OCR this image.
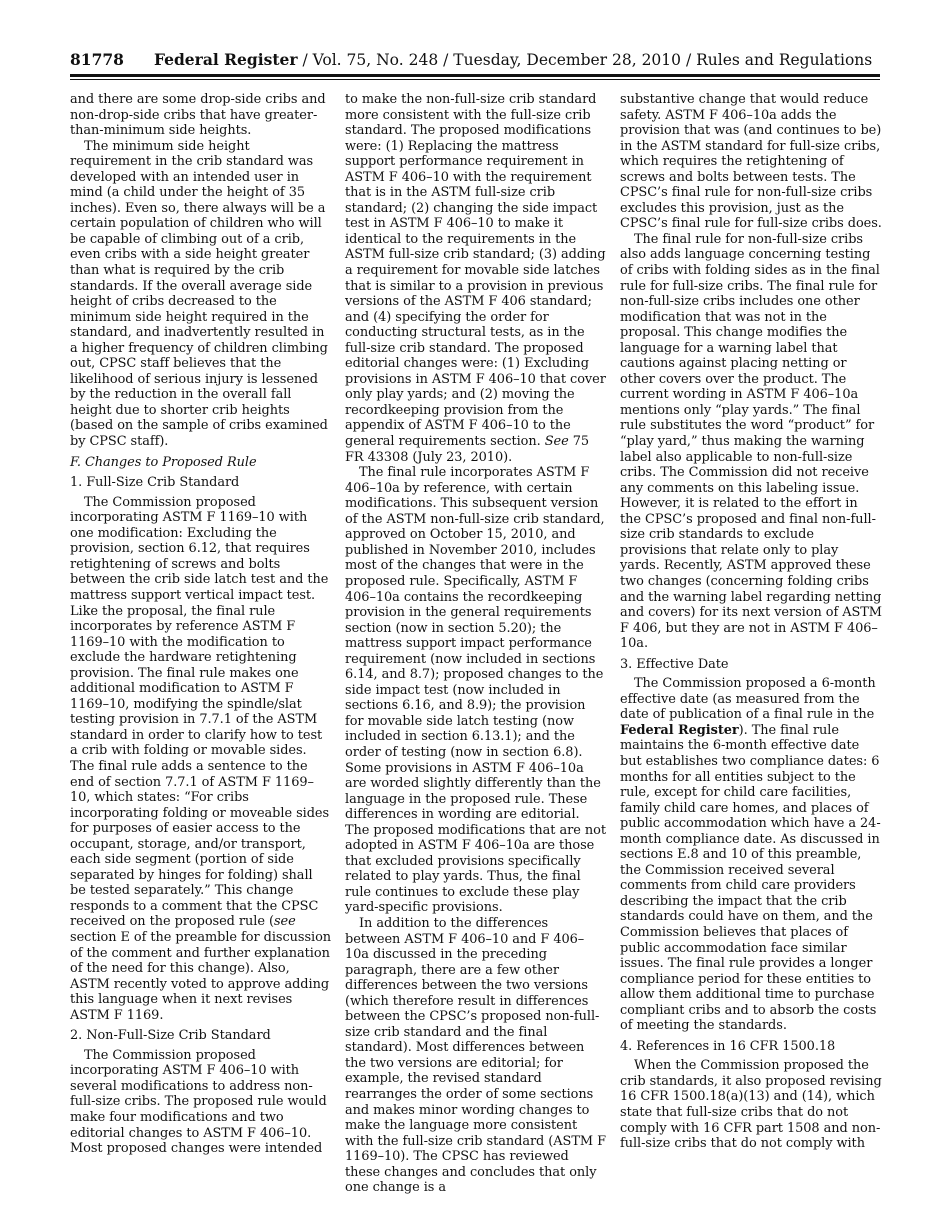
81778 Federal Register / Vol. 75, No. 248 / Tuesday, December 28, 2010 / Rules and Regulations

and there are some drop-side cribs and non-drop-side cribs that have greater-than-minimum side heights.

The minimum side height requirement in the crib standard was developed with an intended user in mind (a child under the height of 35 inches). Even so, there always will be a certain population of children who will be capable of climbing out of a crib, even cribs with a side height greater than what is required by the crib standards. If the overall average side height of cribs decreased to the minimum side height required in the standard, and inadvertently resulted in a higher frequency of children climbing out, CPSC staff believes that the likelihood of serious injury is lessened by the reduction in the overall fall height due to shorter crib heights (based on the sample of cribs examined by CPSC staff).

F. Changes to Proposed Rule
1. Full-Size Crib Standard

The Commission proposed incorporating ASTM F 1169–10 with one modification: Excluding the provision, section 6.12, that requires retightening of screws and bolts between the crib side latch test and the mattress support vertical impact test. Like the proposal, the final rule incorporates by reference ASTM F 1169–10 with the modification to exclude the hardware retightening provision. The final rule makes one additional modification to ASTM F 1169–10, modifying the spindle/slat testing provision in 7.7.1 of the ASTM standard in order to clarify how to test a crib with folding or movable sides. The final rule adds a sentence to the end of section 7.7.1 of ASTM F 1169–10, which states: “For cribs incorporating folding or moveable sides for purposes of easier access to the occupant, storage, and/or transport, each side segment (portion of side separated by hinges for folding) shall be tested separately.” This change responds to a comment that the CPSC received on the proposed rule (see section E of the preamble for discussion of the comment and further explanation of the need for this change). Also, ASTM recently voted to approve adding this language when it next revises ASTM F 1169.

2. Non-Full-Size Crib Standard

The Commission proposed incorporating ASTM F 406–10 with several modifications to address non-full-size cribs. The proposed rule would make four modifications and two editorial changes to ASTM F 406–10. Most proposed changes were intended

to make the non-full-size crib standard more consistent with the full-size crib standard. The proposed modifications were: (1) Replacing the mattress support performance requirement in ASTM F 406–10 with the requirement that is in the ASTM full-size crib standard; (2) changing the side impact test in ASTM F 406–10 to make it identical to the requirements in the ASTM full-size crib standard; (3) adding a requirement for movable side latches that is similar to a provision in previous versions of the ASTM F 406 standard; and (4) specifying the order for conducting structural tests, as in the full-size crib standard. The proposed editorial changes were: (1) Excluding provisions in ASTM F 406–10 that cover only play yards; and (2) moving the recordkeeping provision from the appendix of ASTM F 406–10 to the general requirements section. See 75 FR 43308 (July 23, 2010).

The final rule incorporates ASTM F 406–10a by reference, with certain modifications. This subsequent version of the ASTM non-full-size crib standard, approved on October 15, 2010, and published in November 2010, includes most of the changes that were in the proposed rule. Specifically, ASTM F 406–10a contains the recordkeeping provision in the general requirements section (now in section 5.20); the mattress support impact performance requirement (now included in sections 6.14, and 8.7); proposed changes to the side impact test (now included in sections 6.16, and 8.9); the provision for movable side latch testing (now included in section 6.13.1); and the order of testing (now in section 6.8). Some provisions in ASTM F 406–10a are worded slightly differently than the language in the proposed rule. These differences in wording are editorial. The proposed modifications that are not adopted in ASTM F 406–10a are those that excluded provisions specifically related to play yards. Thus, the final rule continues to exclude these play yard-specific provisions.

In addition to the differences between ASTM F 406–10 and F 406–10a discussed in the preceding paragraph, there are a few other differences between the two versions (which therefore result in differences between the CPSC’s proposed non-full-size crib standard and the final standard). Most differences between the two versions are editorial; for example, the revised standard rearranges the order of some sections and makes minor wording changes to make the language more consistent with the full-size crib standard (ASTM F 1169–10). The CPSC has reviewed these changes and concludes that only one change is a

substantive change that would reduce safety. ASTM F 406–10a adds the provision that was (and continues to be) in the ASTM standard for full-size cribs, which requires the retightening of screws and bolts between tests. The CPSC’s final rule for non-full-size cribs excludes this provision, just as the CPSC’s final rule for full-size cribs does.

The final rule for non-full-size cribs also adds language concerning testing of cribs with folding sides as in the final rule for full-size cribs. The final rule for non-full-size cribs includes one other modification that was not in the proposal. This change modifies the language for a warning label that cautions against placing netting or other covers over the product. The current wording in ASTM F 406–10a mentions only “play yards.” The final rule substitutes the word “product” for “play yard,” thus making the warning label also applicable to non-full-size cribs. The Commission did not receive any comments on this labeling issue. However, it is related to the effort in the CPSC’s proposed and final non-full-size crib standards to exclude provisions that relate only to play yards. Recently, ASTM approved these two changes (concerning folding cribs and the warning label regarding netting and covers) for its next version of ASTM F 406, but they are not in ASTM F 406–10a.

3. Effective Date

The Commission proposed a 6-month effective date (as measured from the date of publication of a final rule in the Federal Register). The final rule maintains the 6-month effective date but establishes two compliance dates: 6 months for all entities subject to the rule, except for child care facilities, family child care homes, and places of public accommodation which have a 24-month compliance date. As discussed in sections E.8 and 10 of this preamble, the Commission received several comments from child care providers describing the impact that the crib standards could have on them, and the Commission believes that places of public accommodation face similar issues. The final rule provides a longer compliance period for these entities to allow them additional time to purchase compliant cribs and to absorb the costs of meeting the standards.

4. References in 16 CFR 1500.18

When the Commission proposed the crib standards, it also proposed revising 16 CFR 1500.18(a)(13) and (14), which state that full-size cribs that do not comply with 16 CFR part 1508 and non-full-size cribs that do not comply with
